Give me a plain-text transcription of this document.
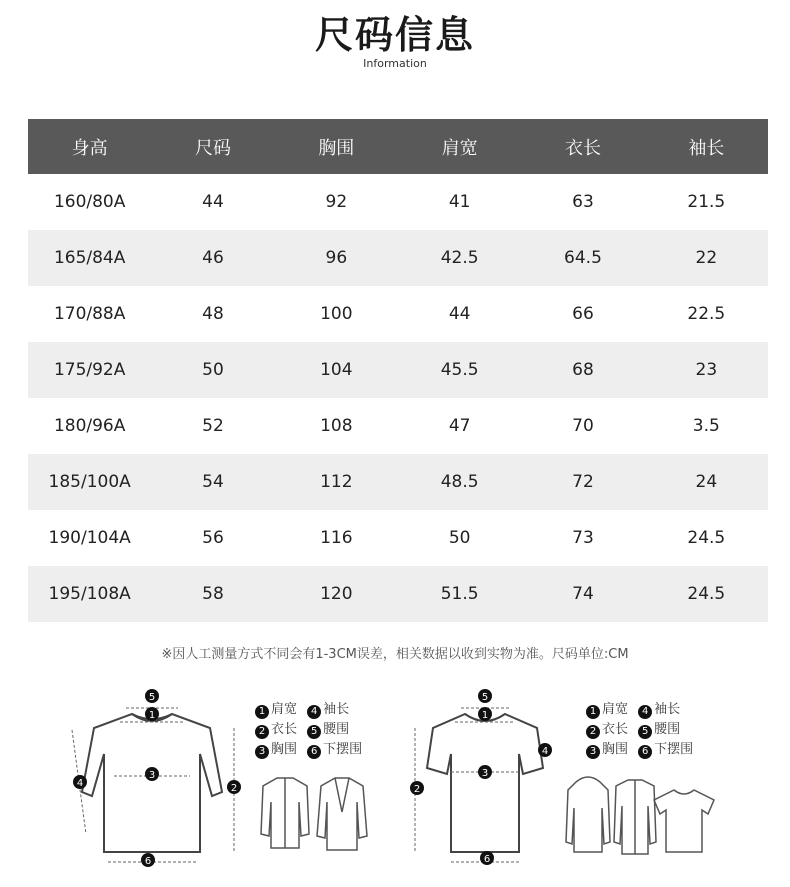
尺码信息
Information
身高	尺码	胸围	肩宽	衣长	袖长
160/80A	44	92	41	63	21.5
165/84A	46	96	42.5	64.5	22
170/88A	48	100	44	66	22.5
175/92A	50	104	45.5	68	23
180/96A	52	108	47	70	3.5
185/100A	54	112	48.5	72	24
190/104A	56	116	50	73	24.5
195/108A	58	120	51.5	74	24.5
※因人工测量方式不同会有1-3CM误差，相关数据以收到实物为准。尺码单位:CM
5
1
3
2
4
6
1 肩宽 4 袖长
2 衣长 5 腰围
3 胸围 6 下摆围
5
1
3
2
4
6
1 肩宽 4 袖长
2 衣长 5 腰围
3 胸围 6 下摆围
